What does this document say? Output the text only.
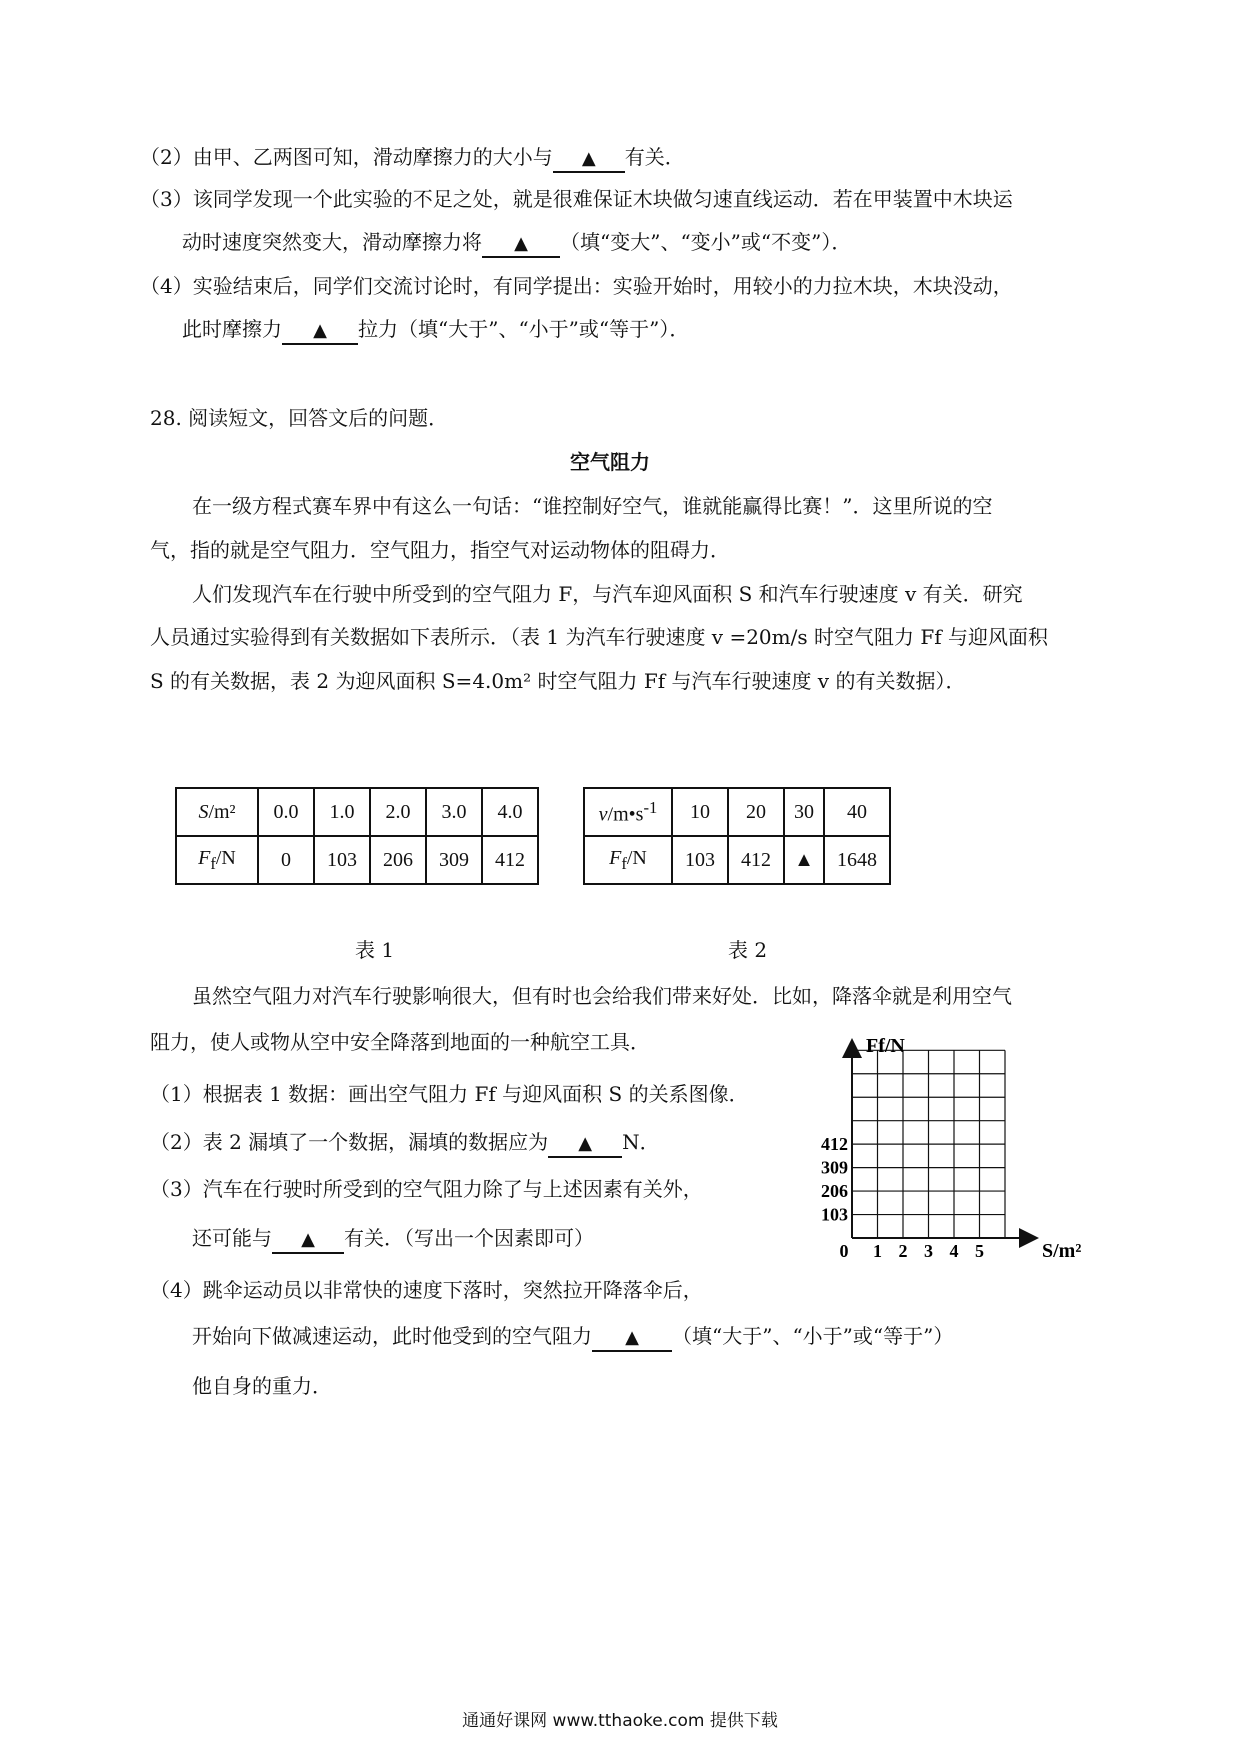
（2）由甲、乙两图可知，滑动摩擦力的大小与 ▲ 有关．
（3）该同学发现一个此实验的不足之处，就是很难保证木块做匀速直线运动．若在甲装置中木块运
动时速度突然变大，滑动摩擦力将 ▲ （填“变大”、“变小”或“不变”）．
（4）实验结束后，同学们交流讨论时，有同学提出：实验开始时，用较小的力拉木块，木块没动，
此时摩擦力 ▲ 拉力（填“大于”、“小于”或“等于”）．
28. 阅读短文，回答文后的问题．
空气阻力
在一级方程式赛车界中有这么一句话：“谁控制好空气，谁就能赢得比赛！”．这里所说的空
气，指的就是空气阻力．空气阻力，指空气对运动物体的阻碍力．
人们发现汽车在行驶中所受到的空气阻力 F，与汽车迎风面积 S 和汽车行驶速度 v 有关．研究
人员通过实验得到有关数据如下表所示．（表 1 为汽车行驶速度 v =20m/s 时空气阻力 Ff 与迎风面积
S 的有关数据，表 2 为迎风面积 S=4.0m² 时空气阻力 Ff 与汽车行驶速度 v 的有关数据）．
S/m²	0.0	1.0	2.0	3.0	4.0
$F_f/N$	0	103	206	309	412
$v/m•s^{-1}$	10	20	30	40
$F_f/N$	103	412	▲	1648
表 1	表 2
虽然空气阻力对汽车行驶影响很大，但有时也会给我们带来好处．比如，降落伞就是利用空气
阻力，使人或物从空中安全降落到地面的一种航空工具．
（1）根据表 1 数据：画出空气阻力 Ff 与迎风面积 S 的关系图像．
（2）表 2 漏填了一个数据，漏填的数据应为 ▲ N．
（3）汽车在行驶时所受到的空气阻力除了与上述因素有关外，
还可能与 ▲ 有关．（写出一个因素即可）
（4）跳伞运动员以非常快的速度下落时，突然拉开降落伞后，
开始向下做减速运动，此时他受到的空气阻力 ▲ （填“大于”、“小于”或“等于”）
他自身的重力．
Ff/N
S/m²
103
206
309
412
0 1 2 3 4 5
通通好课网 www.tthaoke.com 提供下载
